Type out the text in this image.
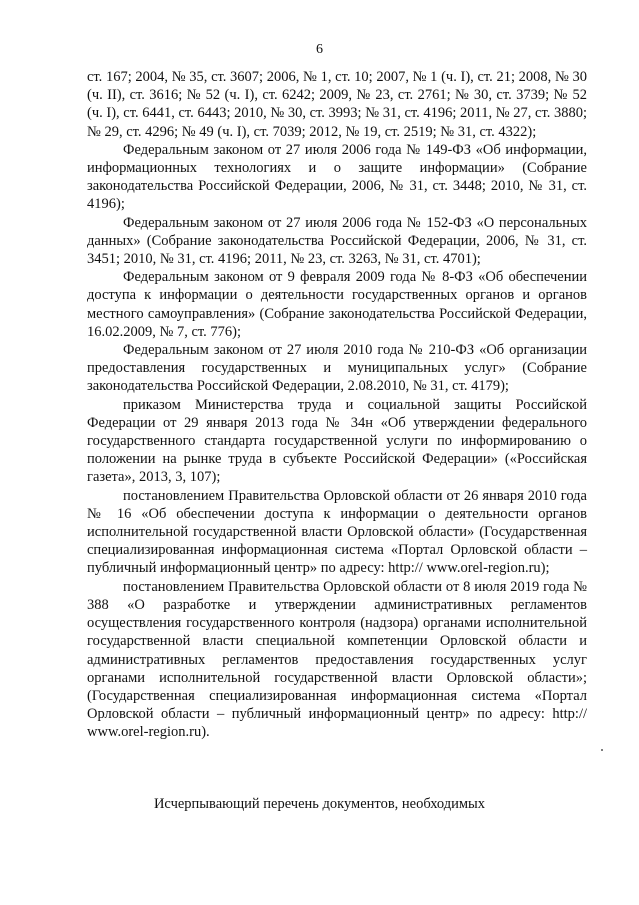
6

ст. 167; 2004, № 35, ст. 3607; 2006, № 1, ст. 10; 2007, № 1 (ч. I), ст. 21; 2008, № 30 (ч. II), ст. 3616; № 52 (ч. I), ст. 6242; 2009, № 23, ст. 2761; № 30, ст. 3739; № 52 (ч. I), ст. 6441, ст. 6443; 2010, № 30, ст. 3993; № 31, ст. 4196; 2011, № 27, ст. 3880; № 29, ст. 4296; № 49 (ч. I), ст. 7039; 2012, № 19, ст. 2519; № 31, ст. 4322);

Федеральным законом от 27 июля 2006 года № 149-ФЗ «Об информации, информационных технологиях и о защите информации» (Собрание законодательства Российской Федерации, 2006, № 31, ст. 3448; 2010, № 31, ст. 4196);

Федеральным законом от 27 июля 2006 года № 152-ФЗ «О персональных данных» (Собрание законодательства Российской Федерации, 2006, № 31, ст. 3451; 2010, № 31, ст. 4196; 2011, № 23, ст. 3263, № 31, ст. 4701);

Федеральным законом от 9 февраля 2009 года № 8-ФЗ «Об обеспечении доступа к информации о деятельности государственных органов и органов местного самоуправления» (Собрание законодательства Российской Федерации, 16.02.2009, № 7, ст. 776);

Федеральным законом от 27 июля 2010 года № 210-ФЗ «Об организации предоставления государственных и муниципальных услуг» (Собрание законодательства Российской Федерации, 2.08.2010, № 31, ст. 4179);

приказом Министерства труда и социальной защиты Российской Федерации от 29 января 2013 года № 34н «Об утверждении федерального государственного стандарта государственной услуги по информированию о положении на рынке труда в субъекте Российской Федерации» («Российская газета», 2013, 3, 107);

постановлением Правительства Орловской области от 26 января 2010 года № 16 «Об обеспечении доступа к информации о деятельности органов исполнительной государственной власти Орловской области» (Государственная специализированная информационная система «Портал Орловской области – публичный информационный центр» по адресу: http:// www.orel-region.ru);

постановлением Правительства Орловской области от 8 июля 2019 года № 388 «О разработке и утверждении административных регламентов осуществления государственного контроля (надзора) органами исполнительной государственной власти специальной компетенции Орловской области и административных регламентов предоставления государственных услуг органами исполнительной государственной власти Орловской области»; (Государственная специализированная информационная система «Портал Орловской области – публичный информационный центр» по адресу: http:// www.orel-region.ru).

Исчерпывающий перечень документов, необходимых
